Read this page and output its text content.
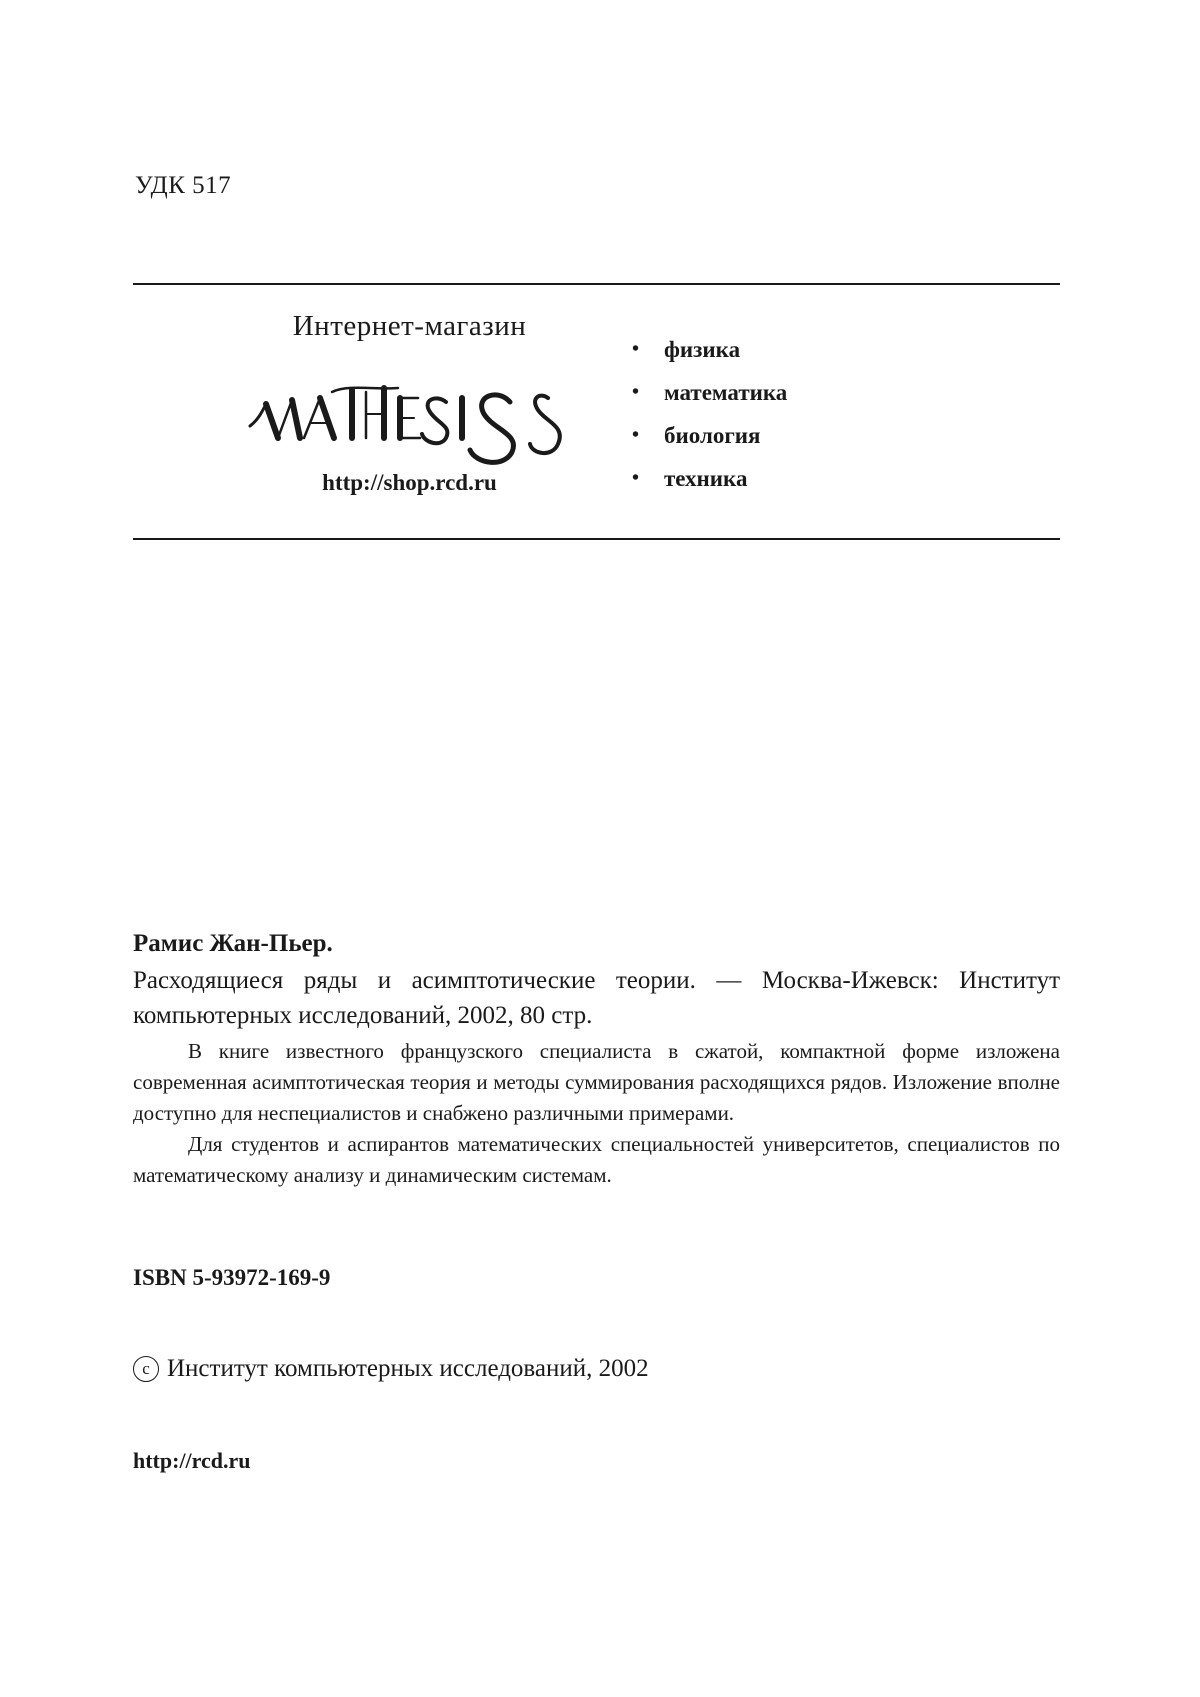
УДК 517
Интернет-магазин
http://shop.rcd.ru
•	физика
•	математика
•	биология
•	техника
Рамис Жан-Пьер.
Расходящиеся ряды и асимптотические теории. — Москва-Ижевск: Институт компьютерных исследований, 2002, 80 стр.

В книге известного французского специалиста в сжатой, компактной форме изложена современная асимптотическая теория и методы суммирования расходящихся рядов. Изложение вполне доступно для неспециалистов и снабжено различными примерами.

Для студентов и аспирантов математических специальностей университетов, специалистов по математическому анализу и динамическим системам.

ISBN 5-93972-169-9
c Институт компьютерных исследований, 2002
http://rcd.ru
